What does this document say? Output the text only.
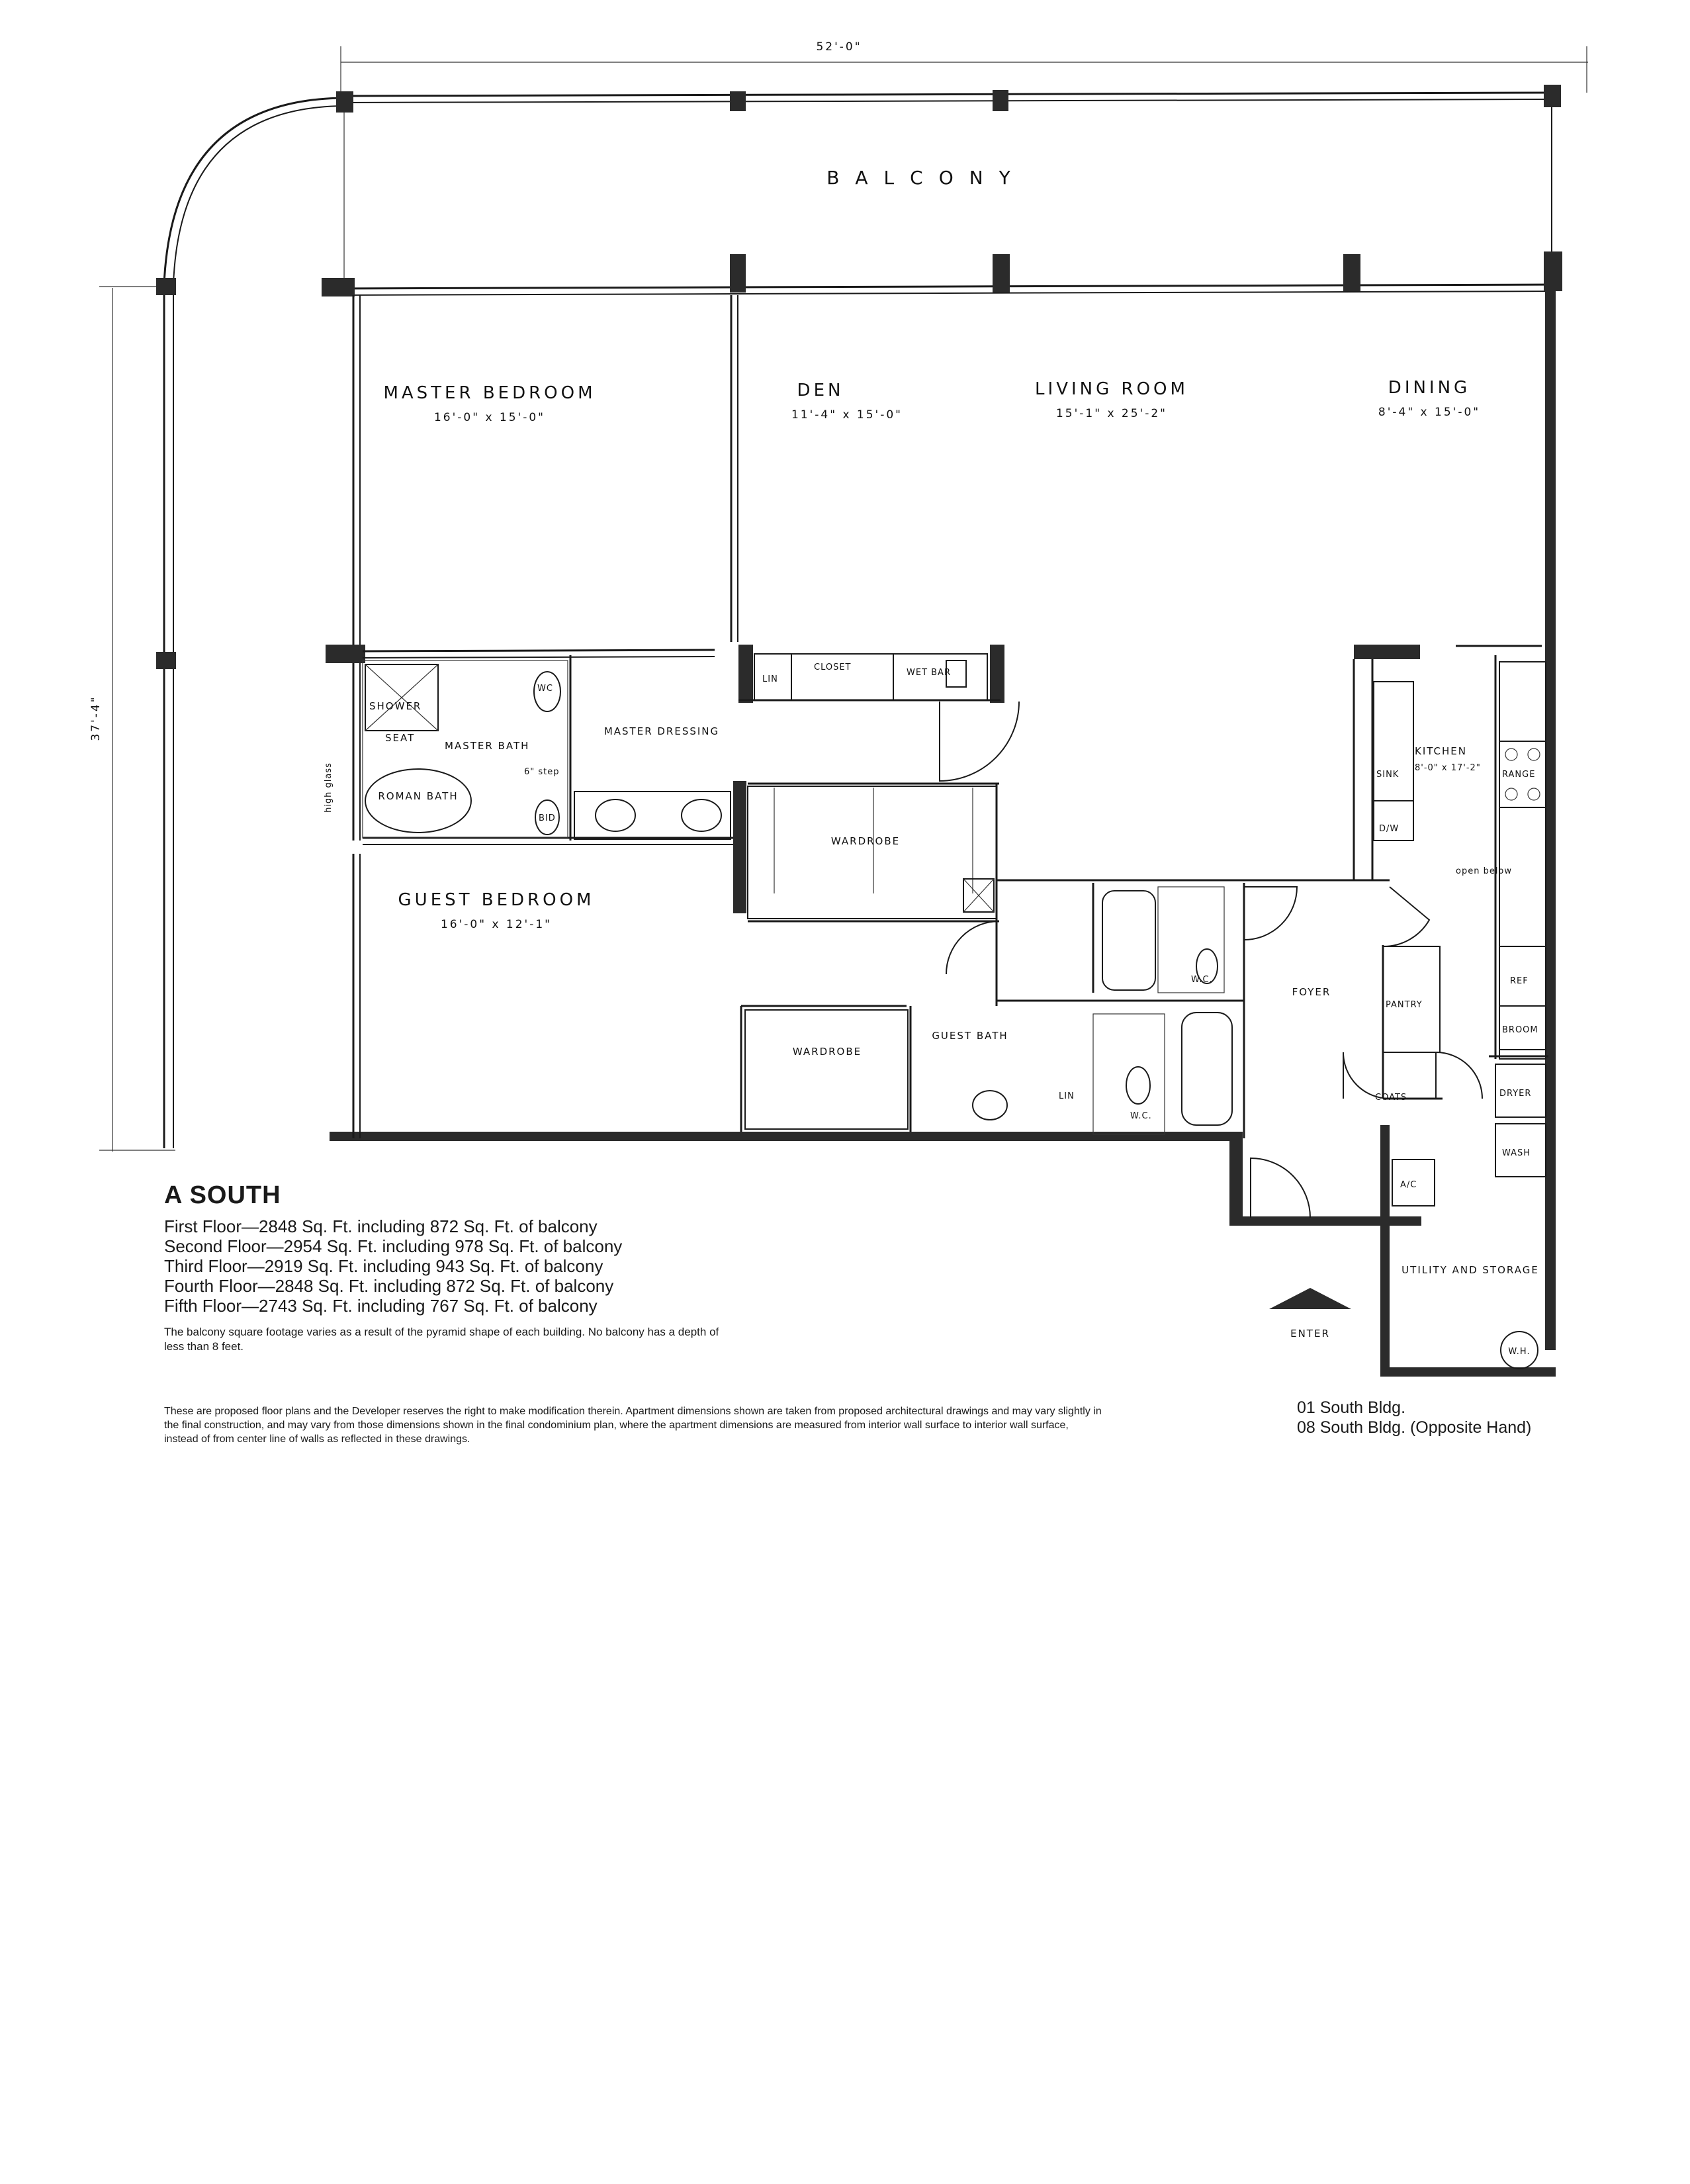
52'-0"
37'-4"
BALCONY
SHOWER
SEAT
MASTER BATH
6" step
ROMAN BATH
WC
BID
high glass
MASTER DRESSING
LIN
CLOSET
WET BAR
WARDROBE
WARDROBE
GUEST BATH
LIN
W.C.
W.C.
KITCHEN
8'-0" x 17'-2"
SINK
D/W
RANGE
open below
REF
BROOM
FOYER
PANTRY
COATS	DRYER
WASH
A/C
UTILITY AND STORAGE
W.H.
ENTER
MASTER BEDROOM
16'-0" x 15'-0"
DEN
11'-4" x 15'-0"
LIVING ROOM
15'-1" x 25'-2"
DINING
8'-4" x 15'-0"
GUEST BEDROOM
16'-0" x 12'-1"
A SOUTH
First Floor—2848 Sq. Ft. including 872 Sq. Ft. of balcony
Second Floor—2954 Sq. Ft. including 978 Sq. Ft. of balcony
Third Floor—2919 Sq. Ft. including 943 Sq. Ft. of balcony
Fourth Floor—2848 Sq. Ft. including 872 Sq. Ft. of balcony
Fifth Floor—2743 Sq. Ft. including 767 Sq. Ft. of balcony
The balcony square footage varies as a result of the pyramid shape of each building. No balcony has a depth of less than 8 feet.
These are proposed floor plans and the Developer reserves the right to make modification therein. Apartment dimensions shown are taken from proposed architectural drawings and may vary slightly in the final construction, and may vary from those dimensions shown in the final condominium plan, where the apartment dimensions are measured from interior wall surface to interior wall surface, instead of from center line of walls as reflected in these drawings.
01 South Bldg.
08 South Bldg. (Opposite Hand)
